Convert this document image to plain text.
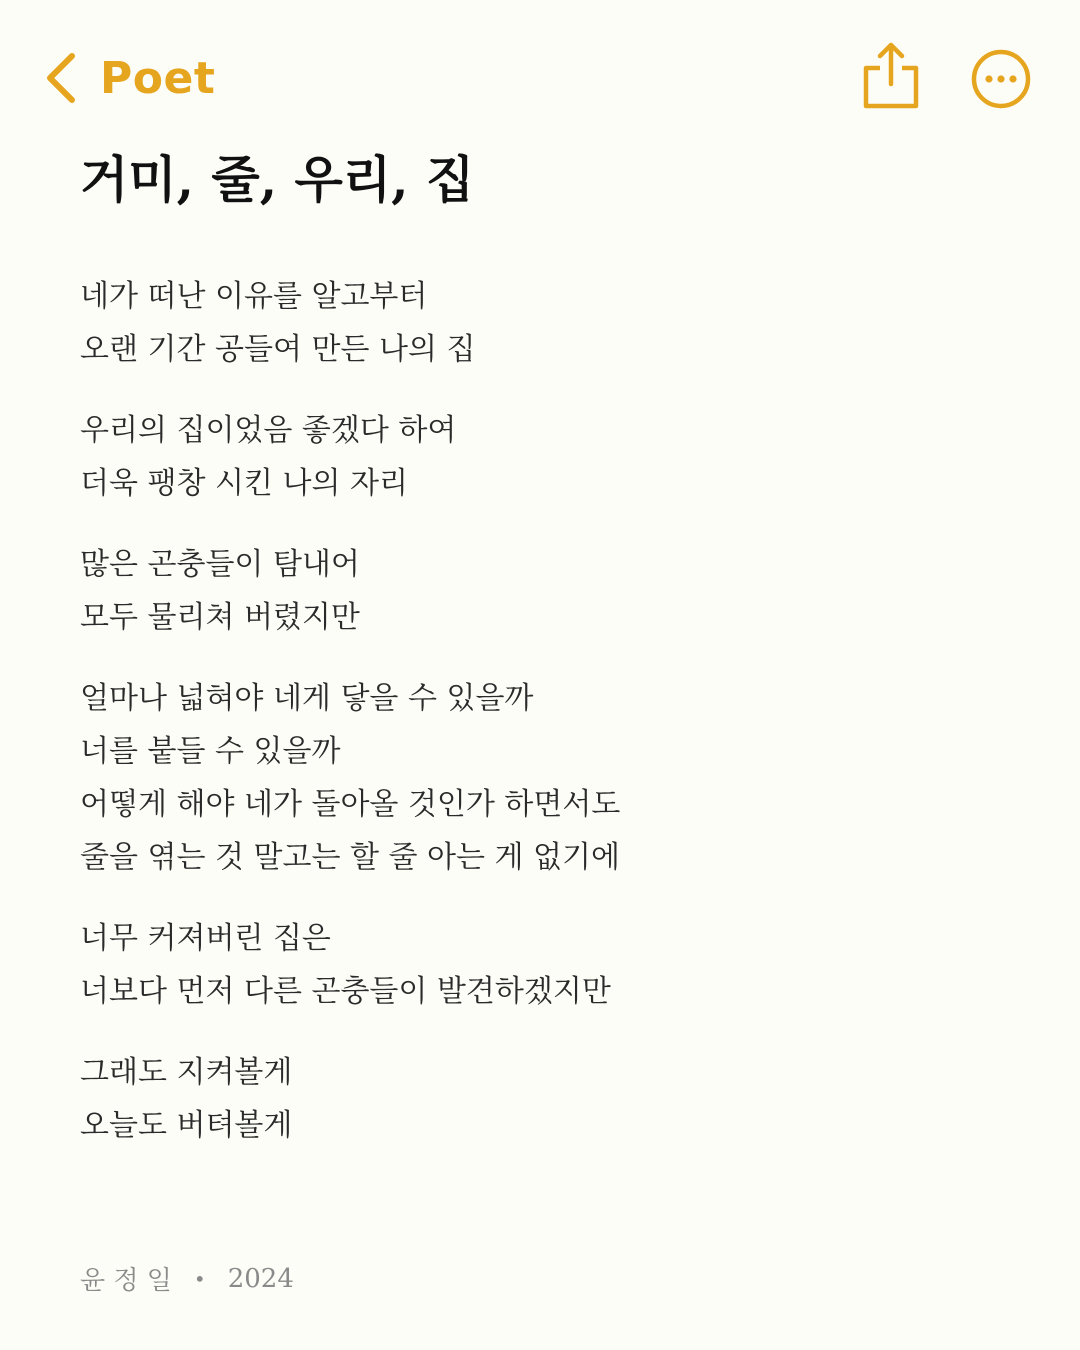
Poet
거미, 줄, 우리, 집
네가 떠난 이유를 알고부터
오랜 기간 공들여 만든 나의 집
우리의 집이었음 좋겠다 하여
더욱 팽창 시킨 나의 자리
많은 곤충들이 탐내어
모두 물리쳐 버렸지만
얼마나 넓혀야 네게 닿을 수 있을까
너를 붙들 수 있을까
어떻게 해야 네가 돌아올 것인가 하면서도
줄을 엮는 것 말고는 할 줄 아는 게 없기에
너무 커져버린 집은
너보다 먼저 다른 곤충들이 발견하겠지만
그래도 지켜볼게
오늘도 버텨볼게
윤 정 일 • 2024
